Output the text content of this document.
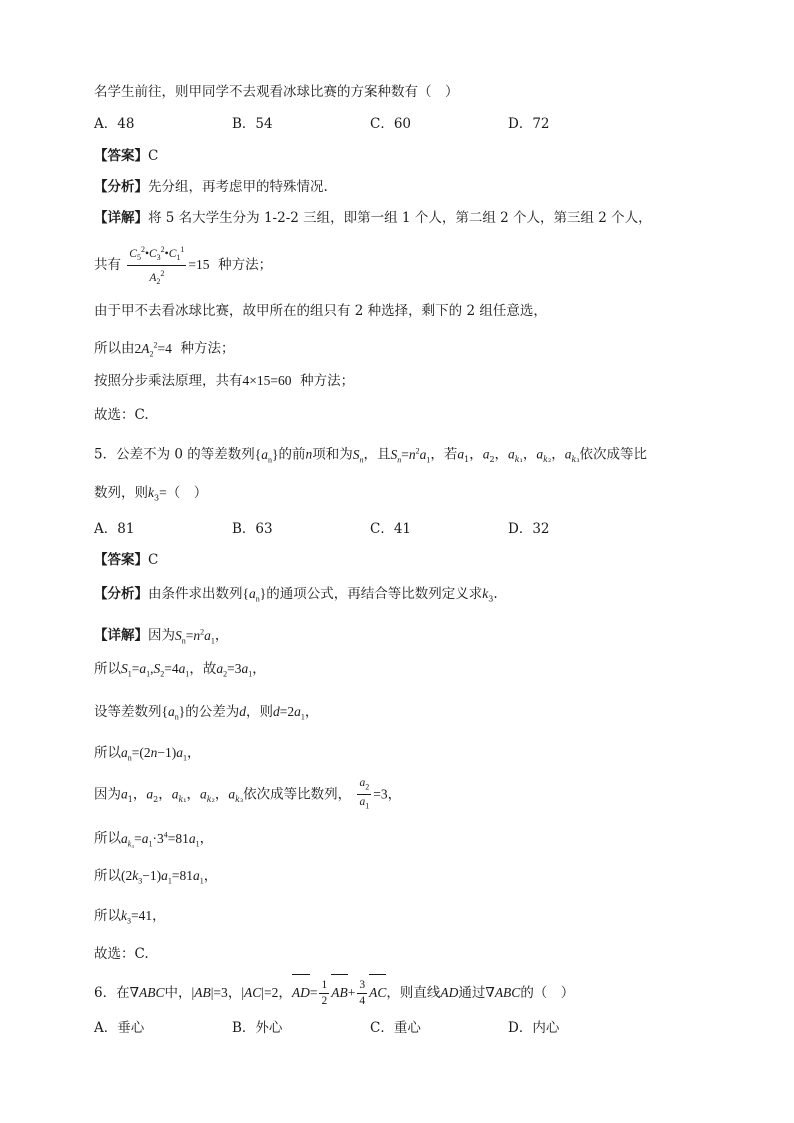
名学生前往，则甲同学不去观看冰球比赛的方案种数有（　）
A．48	B．54	C．60	D．72
【答案】C
【分析】先分组，再考虑甲的特殊情况.
【详解】将 5 名大学生分为 1-2-2 三组，即第一组 1 个人，第二组 2 个人，第三组 2 个人，
共有 $\frac{C_5^2•C_3^2•C_1^1}{A_2^2} =15$ 种方法；
由于甲不去看冰球比赛，故甲所在的组只有 2 种选择，剩下的 2 组任意选，
所以由$2A_2^2=4$ 种方法；
按照分步乘法原理，共有4×15=60 种方法；
故选：C.
5．公差不为 0 的等差数列$\{a_n\}$的前n项和为$S_n$，且$S_n=n^2a_1$，若$a_1$，$a_2$，$a_{k_1}$，$a_{k_2}$，$a_{k_3}$依次成等比
数列，则$k_3=$（　）
A．81	B．63	C．41	D．32
【答案】C
【分析】由条件求出数列$\{a_n\}$的通项公式，再结合等比数列定义求$k_3$.
【详解】因为$S_n=n^2a_1$，
所以$S_1=a_1,S_2=4a_1$，故$a_2=3a_1$，
设等差数列$\{a_n\}$的公差为d，则$d=2a_1$，
所以$a_n=(2n-1)a_1$，
因为$a_1$，$a_2$，$a_{k_1}$，$a_{k_2}$，$a_{k_3}$依次成等比数列， $\frac{a_2}{a_1} =3$，
所以$a_{k_3}=a_1\cdot 3^4=81a_1$，
所以$(2k_3-1)a_1=81a_1$，
所以$k_3=41$，
故选：C.
6．在∇ABC中，|AB|=3，|AC|=2，$AD= \frac{1}{2} AB+ \frac{3}{4}$ AC，则直线AD通过∇ABC的（　）
A．垂心	B．外心	C．重心	D．内心
